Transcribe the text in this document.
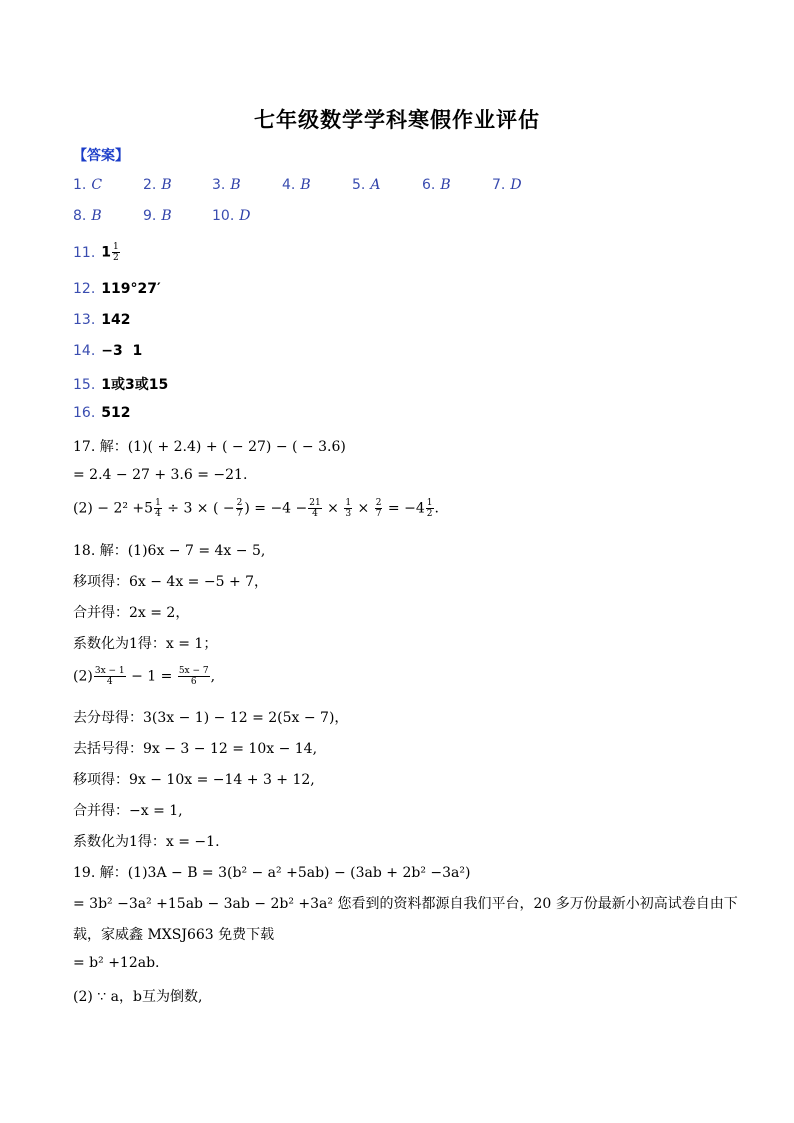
七年级数学学科寒假作业评估
【答案】
1. C	2. B	3. B	4. B	5. A	6. B	7. D
8. B	9. B	10. D
11. $1 \frac{1}{2}$
12. 119°27′
13. 142
14. −3  1
15. 1或3或15
16. 512
17. 解：(1)( + 2.4) + ( − 27) − ( − 3.6)
= 2.4 − 27 + 3.6 = −21.
$(2) - 2^2 +5 \frac{1}{4} \div 3$ × ( − $\frac{2}{7}$ ) = $-4 - \frac{21}{4} \times \frac{1}{3} \times \frac{2}{7} = -4 \frac{1}{2}$ .
18. 解：(1)6x − 7 = 4x − 5,
移项得：6x − 4x = −5 + 7，
合并得：2x = 2，
系数化为1得：x = 1；
$(2) \frac{3x - 1}{4} - 1 = \frac{5x - 7}{6}$ ,
去分母得：3(3x − 1) − 12 = 2(5x − 7)，
去括号得：9x − 3 − 12 = 10x − 14,
移项得：9x − 10x = −14 + 3 + 12,
合并得：−x = 1,
系数化为1得：x = −1.
19. 解：(1)3A − B = 3(b² − a² +5ab) − (3ab + 2b² −3a²)
= 3b² −3a² +15ab − 3ab − 2b² +3a² 您看到的资料都源自我们平台，20 多万份最新小初高试卷自由下
载，家威鑫 MXSJ663 免费下载
= b² +12ab.
(2) ∵ a，b互为倒数,
